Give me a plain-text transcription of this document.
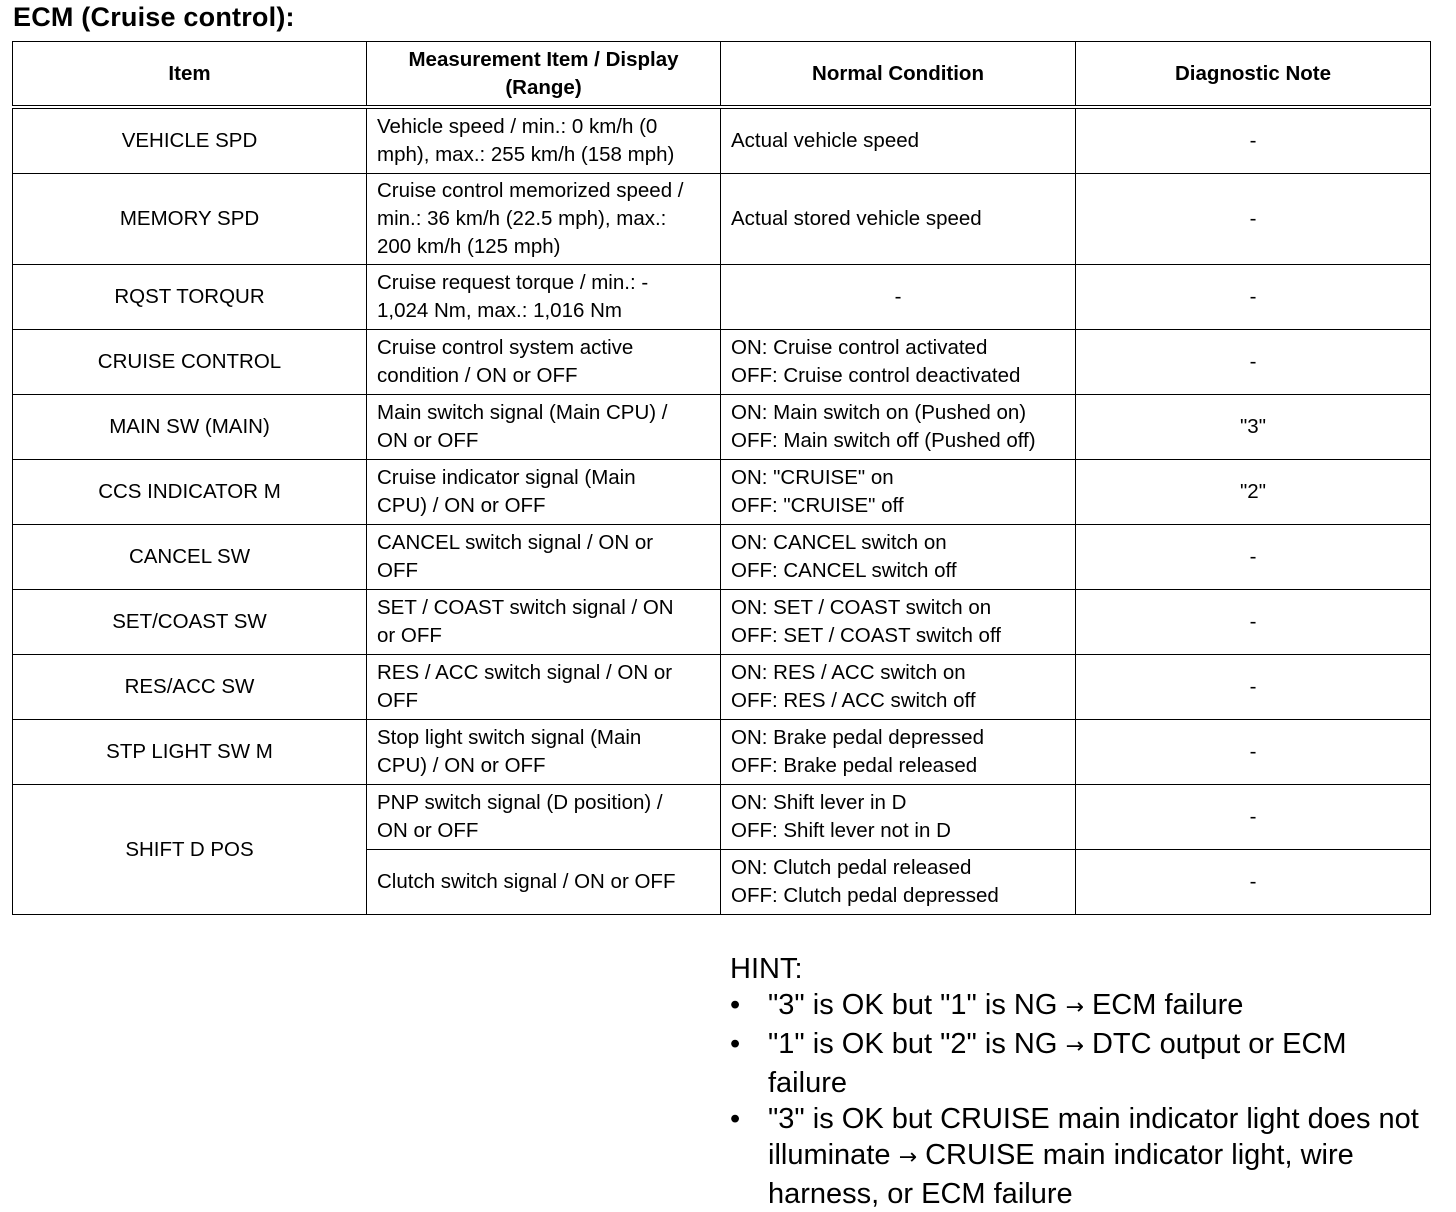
ECM (Cruise control):
Item	Measurement Item / Display (Range)	Normal Condition	Diagnostic Note
VEHICLE SPD	Vehicle speed / min.: 0 km/h (0
mph), max.: 255 km/h (158 mph)	Actual vehicle speed	-
MEMORY SPD	Cruise control memorized speed /
min.: 36 km/h (22.5 mph), max.:
200 km/h (125 mph)	Actual stored vehicle speed	-
RQST TORQUR	Cruise request torque / min.: -
1,024 Nm, max.: 1,016 Nm	-	-
CRUISE CONTROL	Cruise control system active
condition / ON or OFF	ON: Cruise control activated
OFF: Cruise control deactivated	-
MAIN SW (MAIN)	Main switch signal (Main CPU) /
ON or OFF	ON: Main switch on (Pushed on)
OFF: Main switch off (Pushed off)	"3"
CCS INDICATOR M	Cruise indicator signal (Main
CPU) / ON or OFF	ON: "CRUISE" on
OFF: "CRUISE" off	"2"
CANCEL SW	CANCEL switch signal / ON or
OFF	ON: CANCEL switch on
OFF: CANCEL switch off	-
SET/COAST SW	SET / COAST switch signal / ON
or OFF	ON: SET / COAST switch on
OFF: SET / COAST switch off	-
RES/ACC SW	RES / ACC switch signal / ON or
OFF	ON: RES / ACC switch on
OFF: RES / ACC switch off	-
STP LIGHT SW M	Stop light switch signal (Main
CPU) / ON or OFF	ON: Brake pedal depressed
OFF: Brake pedal released	-
SHIFT D POS	PNP switch signal (D position) /
ON or OFF	ON: Shift lever in D
OFF: Shift lever not in D	-

	Clutch switch signal / ON or OFF	ON: Clutch pedal released
OFF: Clutch pedal depressed	-
HINT:
• "3" is OK but "1" is NG → ECM failure
• "1" is OK but "2" is NG → DTC output or ECM failure
• "3" is OK but CRUISE main indicator light does not illuminate → CRUISE main indicator light, wire harness, or ECM failure
